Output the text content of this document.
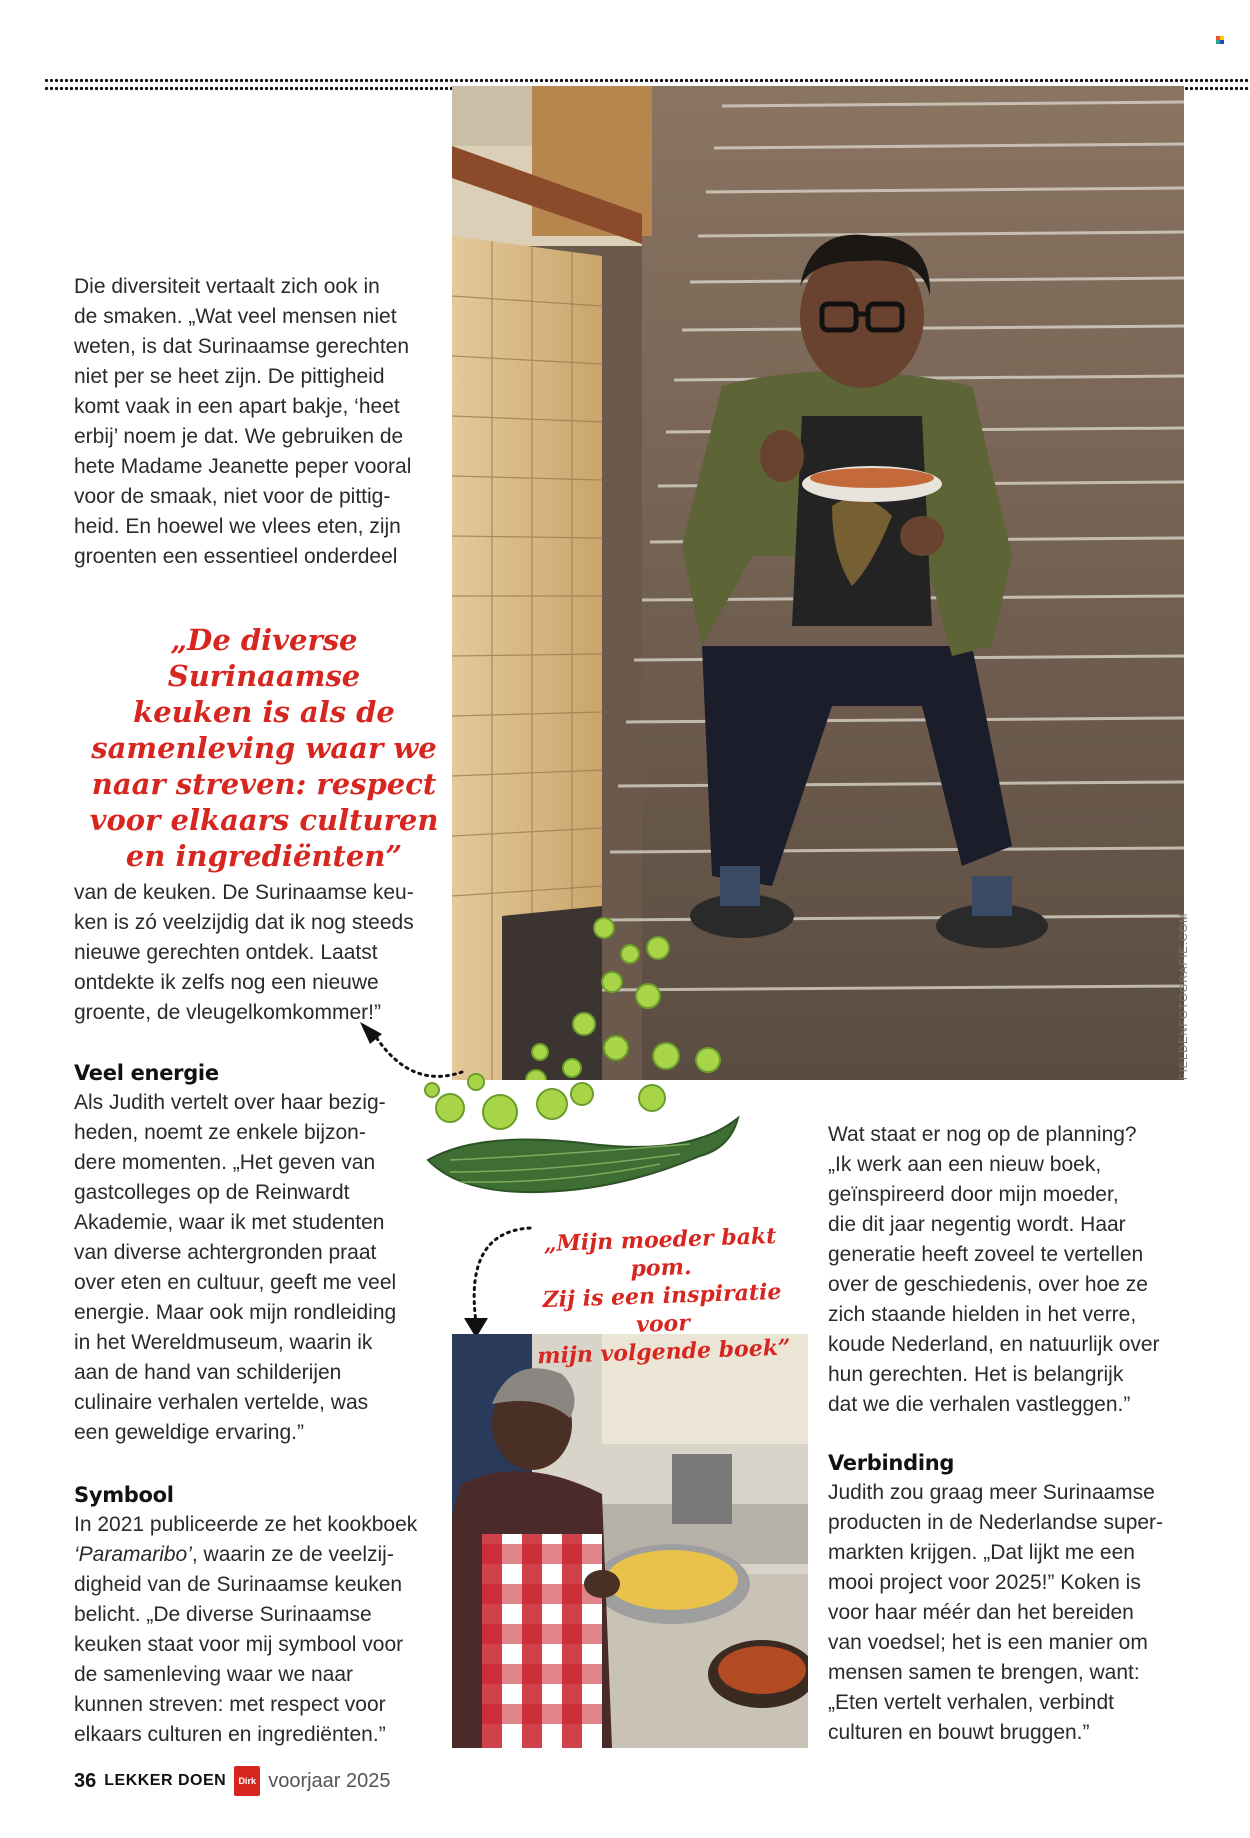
FIELDENFOTOGRAFIE.COM

Die diversiteit vertaalt zich ook in
de smaken. „Wat veel mensen niet
weten, is dat Surinaamse gerechten
niet per se heet zijn. De pittigheid
komt vaak in een apart bakje, ‘heet
erbij’ noem je dat. We gebruiken de
hete Madame Jeanette peper vooral
voor de smaak, niet voor de pittig-
heid. En hoewel we vlees eten, zijn
groenten een essentieel onderdeel

„De diverse Surinaamse
keuken is als de
samenleving waar we
naar streven: respect
voor elkaars culturen
en ingrediënten”

van de keuken. De Surinaamse keu-
ken is zó veelzijdig dat ik nog steeds
nieuwe gerechten ontdek. Laatst
ontdekte ik zelfs nog een nieuwe
groente, de vleugelkomkommer!”

Veel energie

Als Judith vertelt over haar bezig-
heden, noemt ze enkele bijzon-
dere momenten. „Het geven van
gastcolleges op de Reinwardt
Akademie, waar ik met studenten
van diverse achtergronden praat
over eten en cultuur, geeft me veel
energie. Maar ook mijn rondleiding
in het Wereldmuseum, waarin ik
aan de hand van schilderijen
culinaire verhalen vertelde, was
een geweldige ervaring.”

Symbool

In 2021 publiceerde ze het kookboek
‘Paramaribo’, waarin ze de veelzij-
digheid van de Surinaamse keuken
belicht. „De diverse Surinaamse
keuken staat voor mij symbool voor
de samenleving waar we naar
kunnen streven: met respect voor
elkaars culturen en ingrediënten.”

„Mijn moeder bakt pom.
Zij is een inspiratie voor
mijn volgende boek”

Wat staat er nog op de planning?
„Ik werk aan een nieuw boek,
geïnspireerd door mijn moeder,
die dit jaar negentig wordt. Haar
generatie heeft zoveel te vertellen
over de geschiedenis, over hoe ze
zich staande hielden in het verre,
koude Nederland, en natuurlijk over
hun gerechten. Het is belangrijk
dat we die verhalen vastleggen.”

Verbinding

Judith zou graag meer Surinaamse
producten in de Nederlandse super-
markten krijgen. „Dat lijkt me een
mooi project voor 2025!” Koken is
voor haar méér dan het bereiden
van voedsel; het is een manier om
mensen samen te brengen, want:
„Eten vertelt verhalen, verbindt
culturen en bouwt bruggen.”

36 LEKKER DOEN	Dirk voorjaar 2025
